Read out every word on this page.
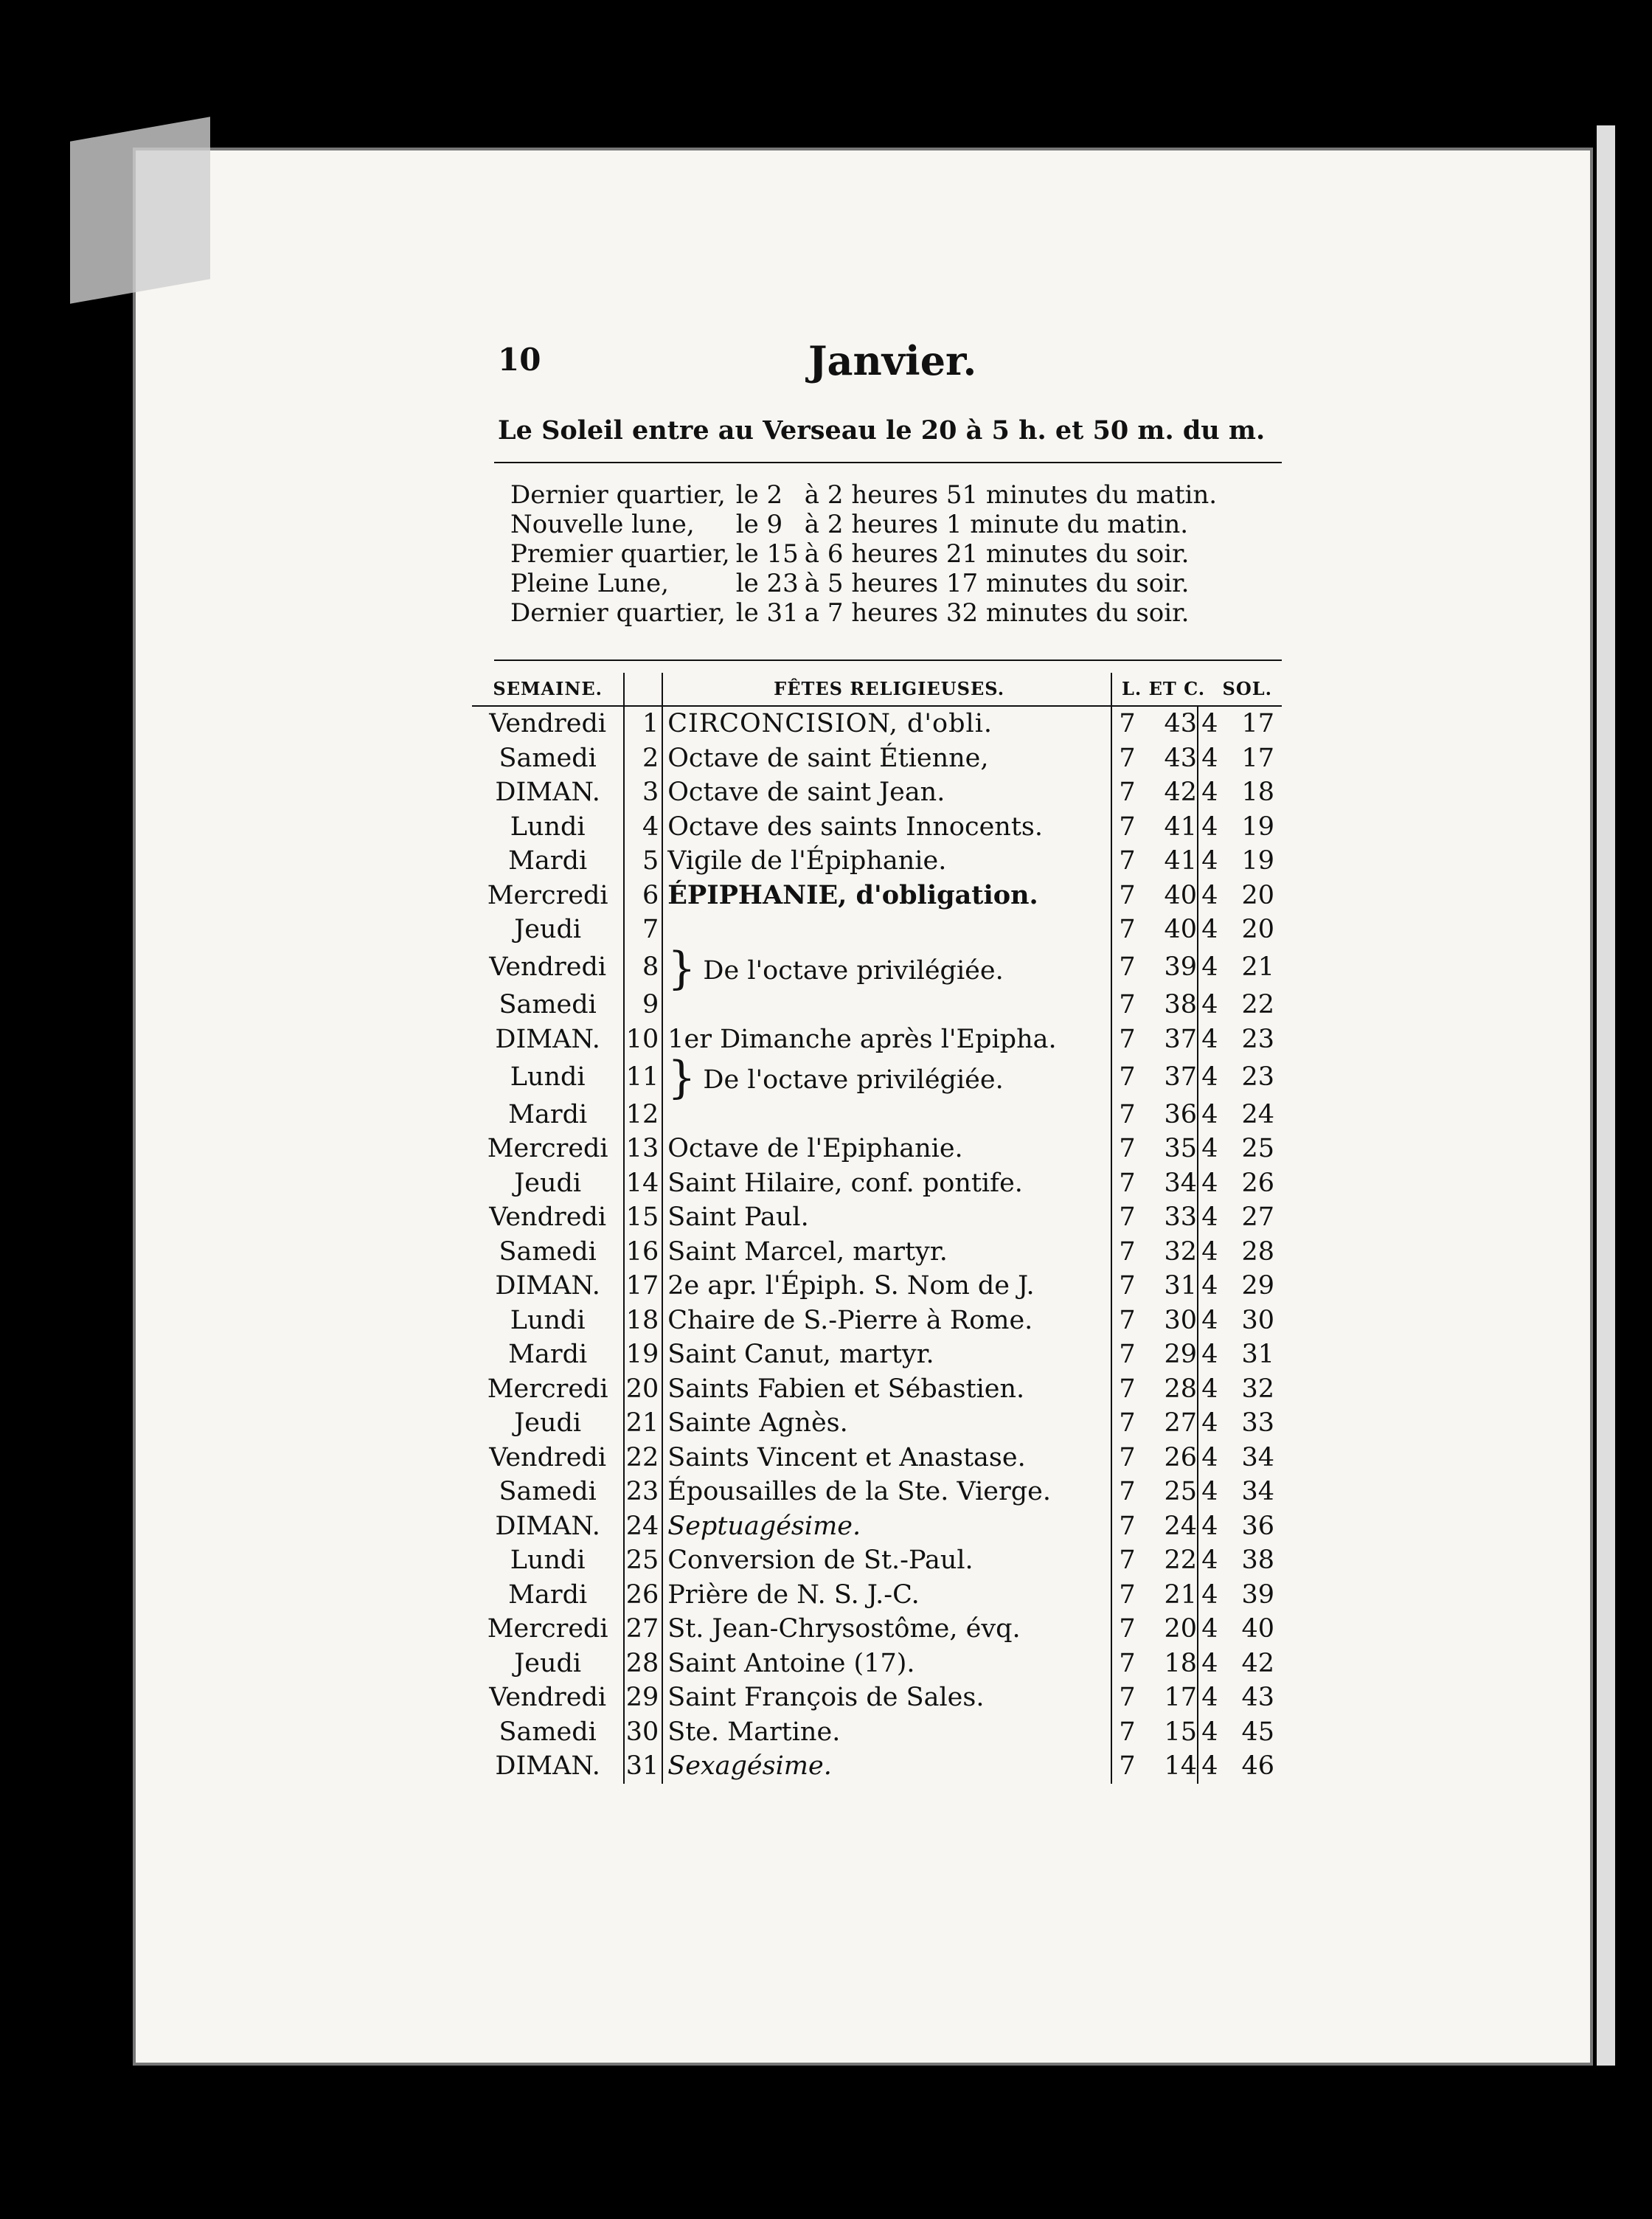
10	Janvier.
Le Soleil entre au Verseau le 20 à 5 h. et 50 m. du m.
Dernier quartier,	le 2	à 2 heures 51 minutes du matin.
Nouvelle lune,	le 9	à 2 heures 1 minute du matin.
Premier quartier,	le 15	à 6 heures 21 minutes du soir.
Pleine Lune,	le 23	à 5 heures 17 minutes du soir.
Dernier quartier,	le 31	a 7 heures 32 minutes du soir.
SEMAINE.		FÊTES RELIGIEUSES.	L. ET C. SOL.			
Vendredi	1	CIRCONCISION, d'obli.	7	43	4	17
Samedi	2	Octave de saint Étienne,	7	43	4	17
DIMAN.	3	Octave de saint Jean.	7	42	4	18
Lundi	4	Octave des saints Innocents.	7	41	4	19
Mardi	5	Vigile de l'Épiphanie.	7	41	4	19
Mercredi	6	ÉPIPHANIE, d'obligation.	7	40	4	20
Jeudi	7		7	40	4	20
Vendredi	8	} De l'octave privilégiée.	7	39	4	21
Samedi	9		7	38	4	22
DIMAN.	10	1er Dimanche après l'Epipha.	7	37	4	23
Lundi	11	} De l'octave privilégiée.	7	37	4	23
Mardi	12		7	36	4	24
Mercredi	13	Octave de l'Epiphanie.	7	35	4	25
Jeudi	14	Saint Hilaire, conf. pontife.	7	34	4	26
Vendredi	15	Saint Paul.	7	33	4	27
Samedi	16	Saint Marcel, martyr.	7	32	4	28
DIMAN.	17	2e apr. l'Épiph. S. Nom de J.	7	31	4	29
Lundi	18	Chaire de S.-Pierre à Rome.	7	30	4	30
Mardi	19	Saint Canut, martyr.	7	29	4	31
Mercredi	20	Saints Fabien et Sébastien.	7	28	4	32
Jeudi	21	Sainte Agnès.	7	27	4	33
Vendredi	22	Saints Vincent et Anastase.	7	26	4	34
Samedi	23	Épousailles de la Ste. Vierge.	7	25	4	34
DIMAN.	24	Septuagésime.	7	24	4	36
Lundi	25	Conversion de St.-Paul.	7	22	4	38
Mardi	26	Prière de N. S. J.-C.	7	21	4	39
Mercredi	27	St. Jean-Chrysostôme, évq.	7	20	4	40
Jeudi	28	Saint Antoine (17).	7	18	4	42
Vendredi	29	Saint François de Sales.	7	17	4	43
Samedi	30	Ste. Martine.	7	15	4	45
DIMAN.	31	Sexagésime.	7	14	4	46
